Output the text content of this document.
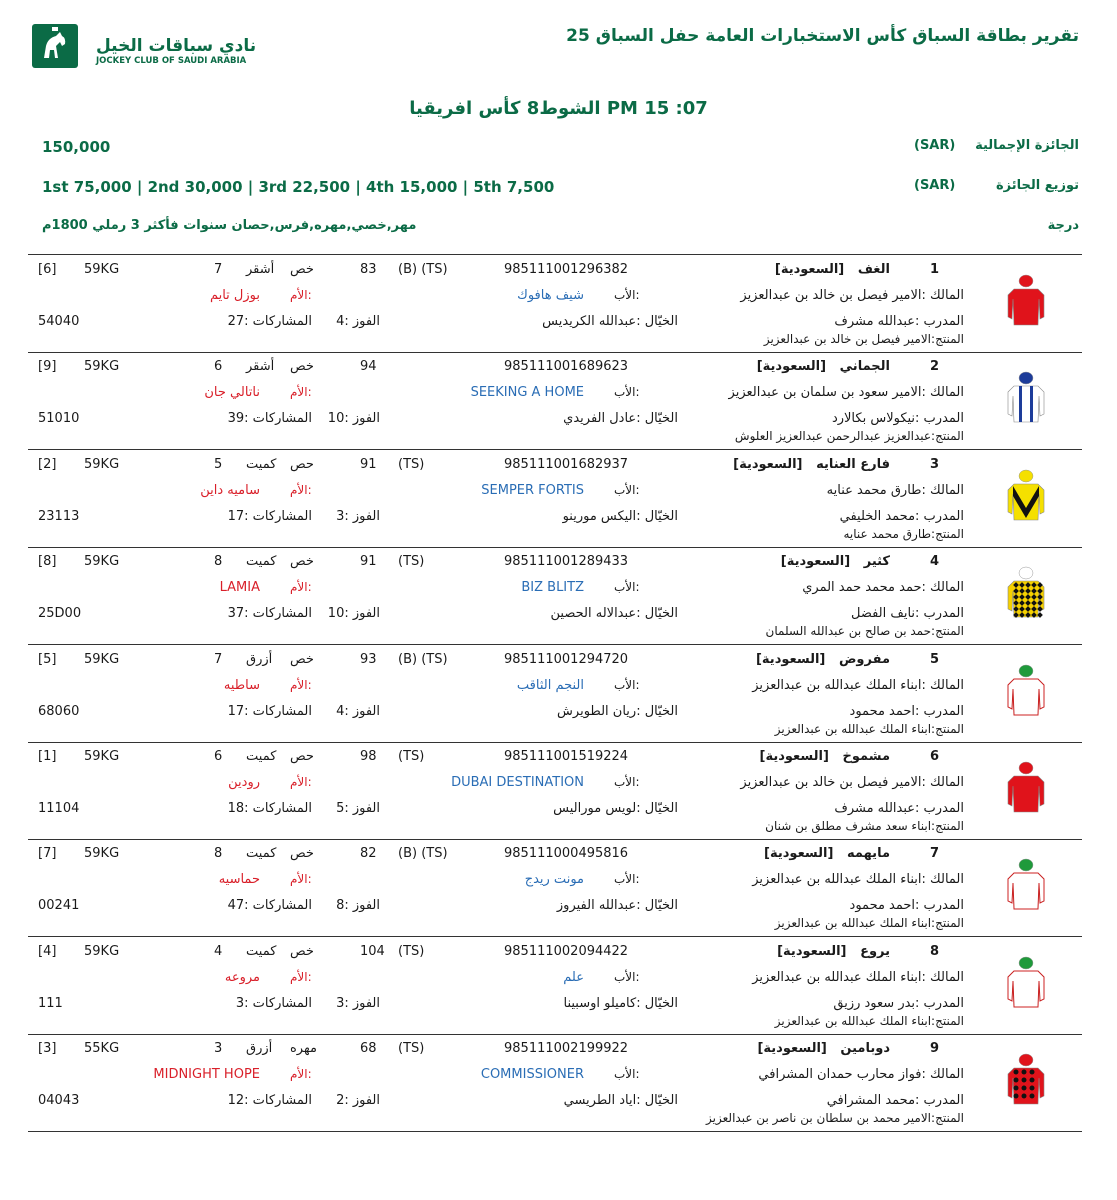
نادي سباقات الخيل
JOCKEY CLUB OF SAUDI ARABIA
تقرير بطاقة السباق كأس الاستخبارات العامة حفل السباق 25
الشوط8 كأس افريقيا PM 15 :07
الجائزة الإجمالية
(SAR)
150,000
توزيع الجائزة
(SAR)
1st 75,000 | 2nd 30,000 | 3rd 22,500 | 4th 15,000 | 5th 7,500
درجة
مهر,خصي,مهره,فرس,حصان سنوات فأكثر 3 رملي 1800م
1
الغف   [السعودية]
المالك :الامير فيصل بن خالد بن عبدالعزيز
المدرب :عبدالله مشرف
المنتج:الامير فيصل بن خالد بن عبدالعزيز
985111001296382
(B) (TS)
83
خص
أشقر
7
59KG
[6]
الأب:
شيف هافوك
الأم:
بوزل تايم
الخيّال :عبدالله الكريديس
الفوز :4
المشاركات :27
54040
2
الجماني   [السعودية]
المالك :الامير سعود بن سلمان بن عبدالعزيز
المدرب :نيكولاس بكالارد
المنتج:عبدالعزيز عبدالرحمن عبدالعزيز العلوش
985111001689623
94
خص
أشقر
6
59KG
[9]
الأب:
SEEKING A HOME
الأم:
ناتالي جان
الخيّال :عادل الفريدي
الفوز :10
المشاركات :39
51010
3
فارع العنايه   [السعودية]
المالك :طارق محمد عنايه
المدرب :محمد الخليفي
المنتج:طارق محمد عنايه
985111001682937
(TS)
91
حص
كميت
5
59KG
[2]
الأب:
SEMPER FORTIS
الأم:
ساميه داين
الخيّال :اليكس مورينو
الفوز :3
المشاركات :17
23113
4
كثير   [السعودية]
المالك :حمد محمد حمد المري
المدرب :نايف الفضل
المنتج:حمد بن صالح بن عبدالله السلمان
985111001289433
(TS)
91
خص
كميت
8
59KG
[8]
الأب:
BIZ BLITZ
الأم:
LAMIA
الخيّال :عبدالاله الحصين
الفوز :10
المشاركات :37
25D00
5
مفروض   [السعودية]
المالك :ابناء الملك عبدالله بن عبدالعزيز
المدرب :احمد محمود
المنتج:ابناء الملك عبدالله بن عبدالعزيز
985111001294720
(B) (TS)
93
خص
أزرق
7
59KG
[5]
الأب:
النجم الثاقب
الأم:
ساطيه
الخيّال :ريان الطويرش
الفوز :4
المشاركات :17
68060
6
مشموخ   [السعودية]
المالك :الامير فيصل بن خالد بن عبدالعزيز
المدرب :عبدالله مشرف
المنتج:ابناء سعد مشرف مطلق بن شنان
985111001519224
(TS)
98
حص
كميت
6
59KG
[1]
الأب:
DUBAI DESTINATION
الأم:
رودين
الخيّال :لويس موراليس
الفوز :5
المشاركات :18
11104
7
مايهمه   [السعودية]
المالك :ابناء الملك عبدالله بن عبدالعزيز
المدرب :احمد محمود
المنتج:ابناء الملك عبدالله بن عبدالعزيز
985111000495816
(B) (TS)
82
خص
كميت
8
59KG
[7]
الأب:
مونت ريدج
الأم:
حماسيه
الخيّال :عبدالله الفيروز
الفوز :8
المشاركات :47
00241
8
يروع   [السعودية]
المالك :ابناء الملك عبدالله بن عبدالعزيز
المدرب :بدر سعود رزيق
المنتج:ابناء الملك عبدالله بن عبدالعزيز
985111002094422
(TS)
104
خص
كميت
4
59KG
[4]
الأب:
علم
الأم:
مروعه
الخيّال :كاميلو اوسبينا
الفوز :3
المشاركات :3
111
9
دوبامين   [السعودية]
المالك :فواز محارب حمدان المشرافي
المدرب :محمد المشرافي
المنتج:الامير محمد بن سلطان بن ناصر بن عبدالعزيز
985111002199922
(TS)
68
مهره
أزرق
3
55KG
[3]
الأب:
COMMISSIONER
الأم:
MIDNIGHT HOPE
الخيّال :اياد الطريسي
الفوز :2
المشاركات :12
04043
